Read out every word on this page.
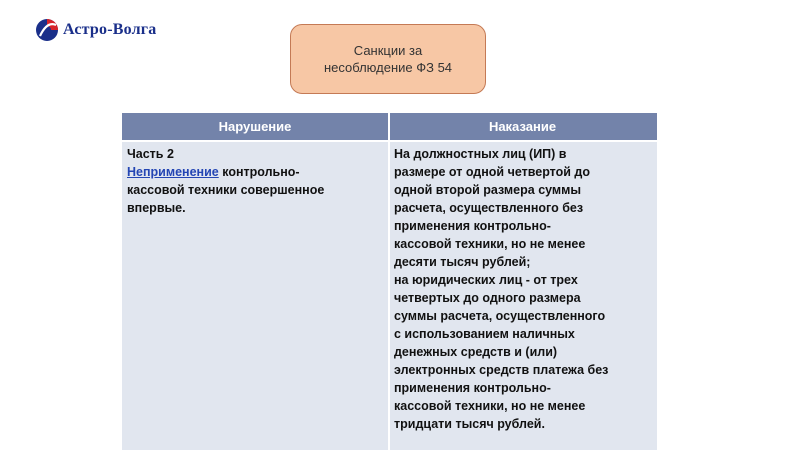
Астро-Волга
Санкции за
несоблюдение ФЗ 54
Нарушение	Наказание
Часть 2
Неприменение контрольно-
кассовой техники совершенное
впервые.
На должностных лиц (ИП) в
размере от одной четвертой до
одной второй размера суммы
расчета, осуществленного без
применения контрольно-
кассовой техники, но не менее
десяти тысяч рублей;
на юридических лиц - от трех
четвертых до одного размера
суммы расчета, осуществленного
с использованием наличных
денежных средств и (или)
электронных средств платежа без
применения контрольно-
кассовой техники, но не менее
тридцати тысяч рублей.
